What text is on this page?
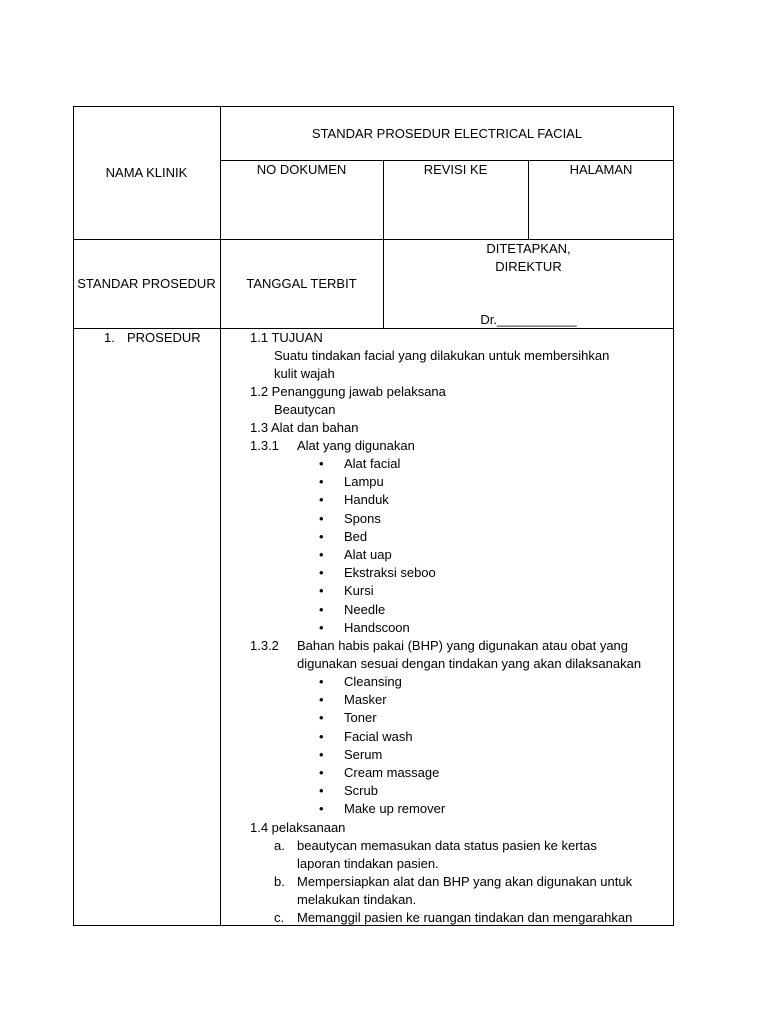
NAMA KLINIK
STANDAR PROSEDUR ELECTRICAL FACIAL
NO DOKUMEN	REVISI KE	HALAMAN
STANDAR PROSEDUR	TANGGAL TERBIT
DITETAPKAN,
DIREKTUR
Dr.___________
1. PROSEDUR	1.1 TUJUAN
Suatu tindakan facial yang dilakukan untuk membersihkan
kulit wajah
1.2 Penanggung jawab pelaksana
Beautycan
1.3 Alat dan bahan
1.3.1 Alat yang digunakan
• Alat facial
• Lampu
• Handuk
• Spons
• Bed
• Alat uap
• Ekstraksi seboo
• Kursi
• Needle
• Handscoon
1.3.2 Bahan habis pakai (BHP) yang digunakan atau obat yang
digunakan sesuai dengan tindakan yang akan dilaksanakan
• Cleansing
• Masker
• Toner
• Facial wash
• Serum
• Cream massage
• Scrub
• Make up remover
1.4 pelaksanaan
a. beautycan memasukan data status pasien ke kertas
laporan tindakan pasien.
b. Mempersiapkan alat dan BHP yang akan digunakan untuk
melakukan tindakan.
c. Memanggil pasien ke ruangan tindakan dan mengarahkan
